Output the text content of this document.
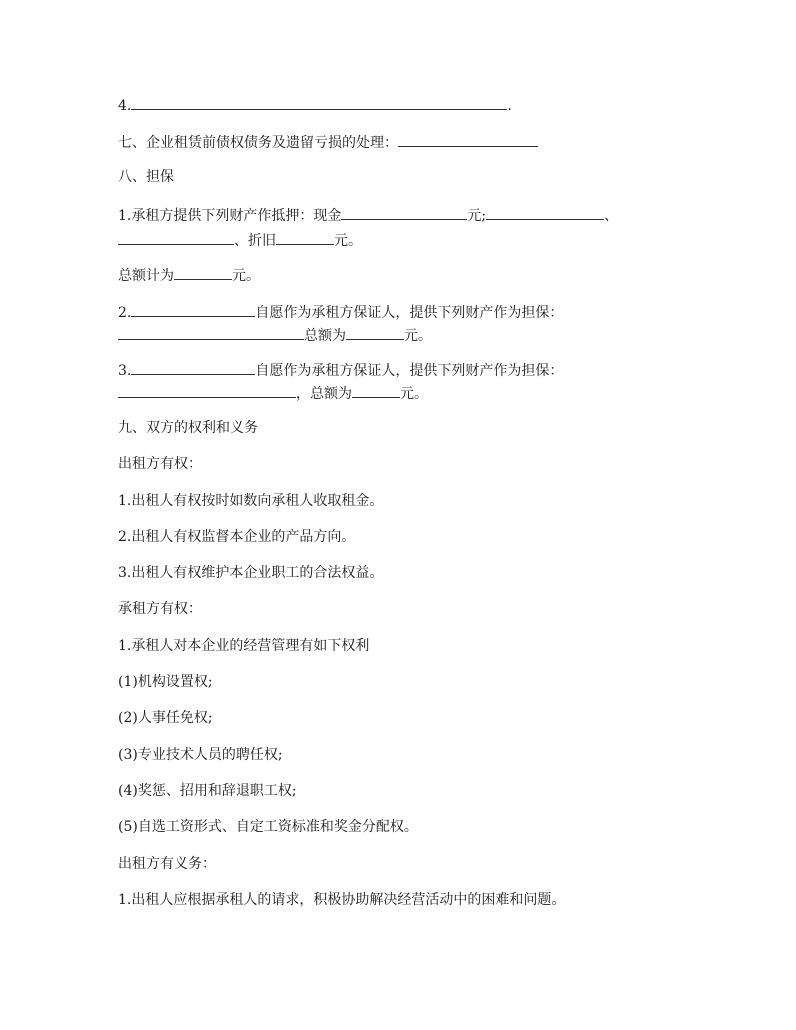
4.	.
七、企业租赁前债权债务及遗留亏损的处理：
八、担保
1.承租方提供下列财产作抵押：现金	元;	、
、折旧	元。
总额计为	元。
2.	自愿作为承租方保证人，提供下列财产作为担保：
总额为	元。
3.	自愿作为承租方保证人，提供下列财产作为担保：
，总额为	元。
九、双方的权利和义务
出租方有权：
1.出租人有权按时如数向承租人收取租金。
2.出租人有权监督本企业的产品方向。
3.出租人有权维护本企业职工的合法权益。
承租方有权：
1.承租人对本企业的经营管理有如下权利
(1)机构设置权;
(2)人事任免权;
(3)专业技术人员的聘任权;
(4)奖惩、招用和辞退职工权;
(5)自选工资形式、自定工资标准和奖金分配权。
出租方有义务：
1.出租人应根据承租人的请求，积极协助解决经营活动中的困难和问题。
